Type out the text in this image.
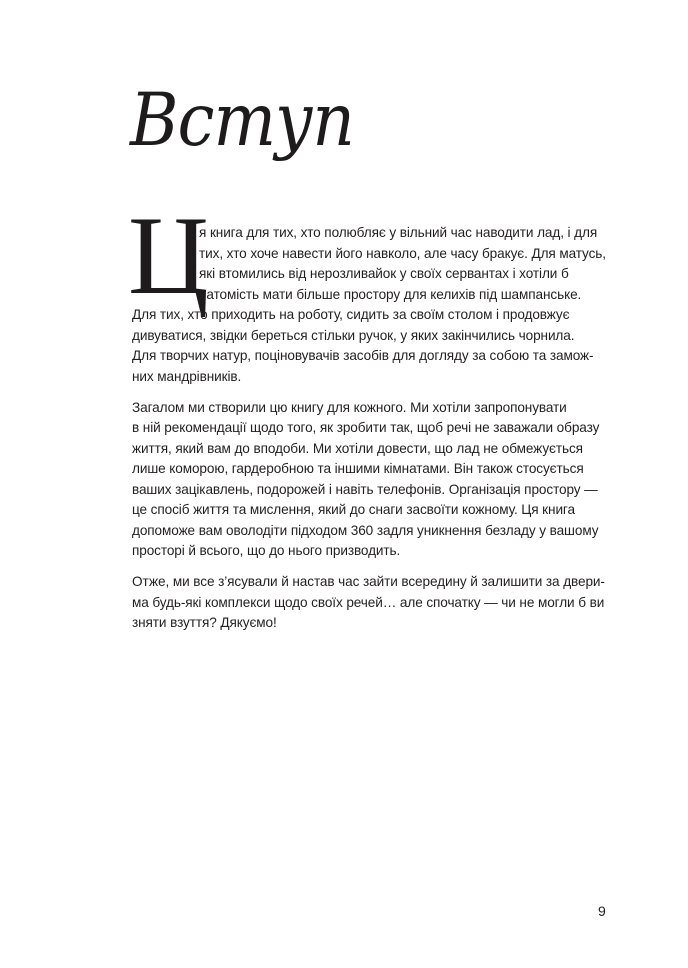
Вступ
Ц
я книга для тих, хто полюбляє у вільний час наводити лад, і для
тих, хто хоче навести його навколо, але часу бракує. Для матусь,
які втомились від нерозливайок у своїх сервантах і хотіли б
натомість мати більше простору для келихів під шампанське.
Для тих, хто приходить на роботу, сидить за своїм столом і продовжує
дивуватися, звідки береться стільки ручок, у яких закінчились чорнила.
Для творчих натур, поціновувачів засобів для догляду за собою та замож-
них мандрівників.
Загалом ми створили цю книгу для кожного. Ми хотіли запропонувати
в ній рекомендації щодо того, як зробити так, щоб речі не заважали образу
життя, який вам до вподоби. Ми хотіли довести, що лад не обмежується
лише коморою, гардеробною та іншими кімнатами. Він також стосується
ваших зацікавлень, подорожей і навіть телефонів. Організація простору —
це спосіб життя та мислення, який до снаги засвоїти кожному. Ця книга
допоможе вам оволодіти підходом 360 задля уникнення безладу у вашому
просторі й всього, що до нього призводить.
Отже, ми все з’ясували й настав час зайти всередину й залишити за двери-
ма будь-які комплекси щодо своїх речей… але спочатку — чи не могли б ви
зняти взуття? Дякуємо!
9
